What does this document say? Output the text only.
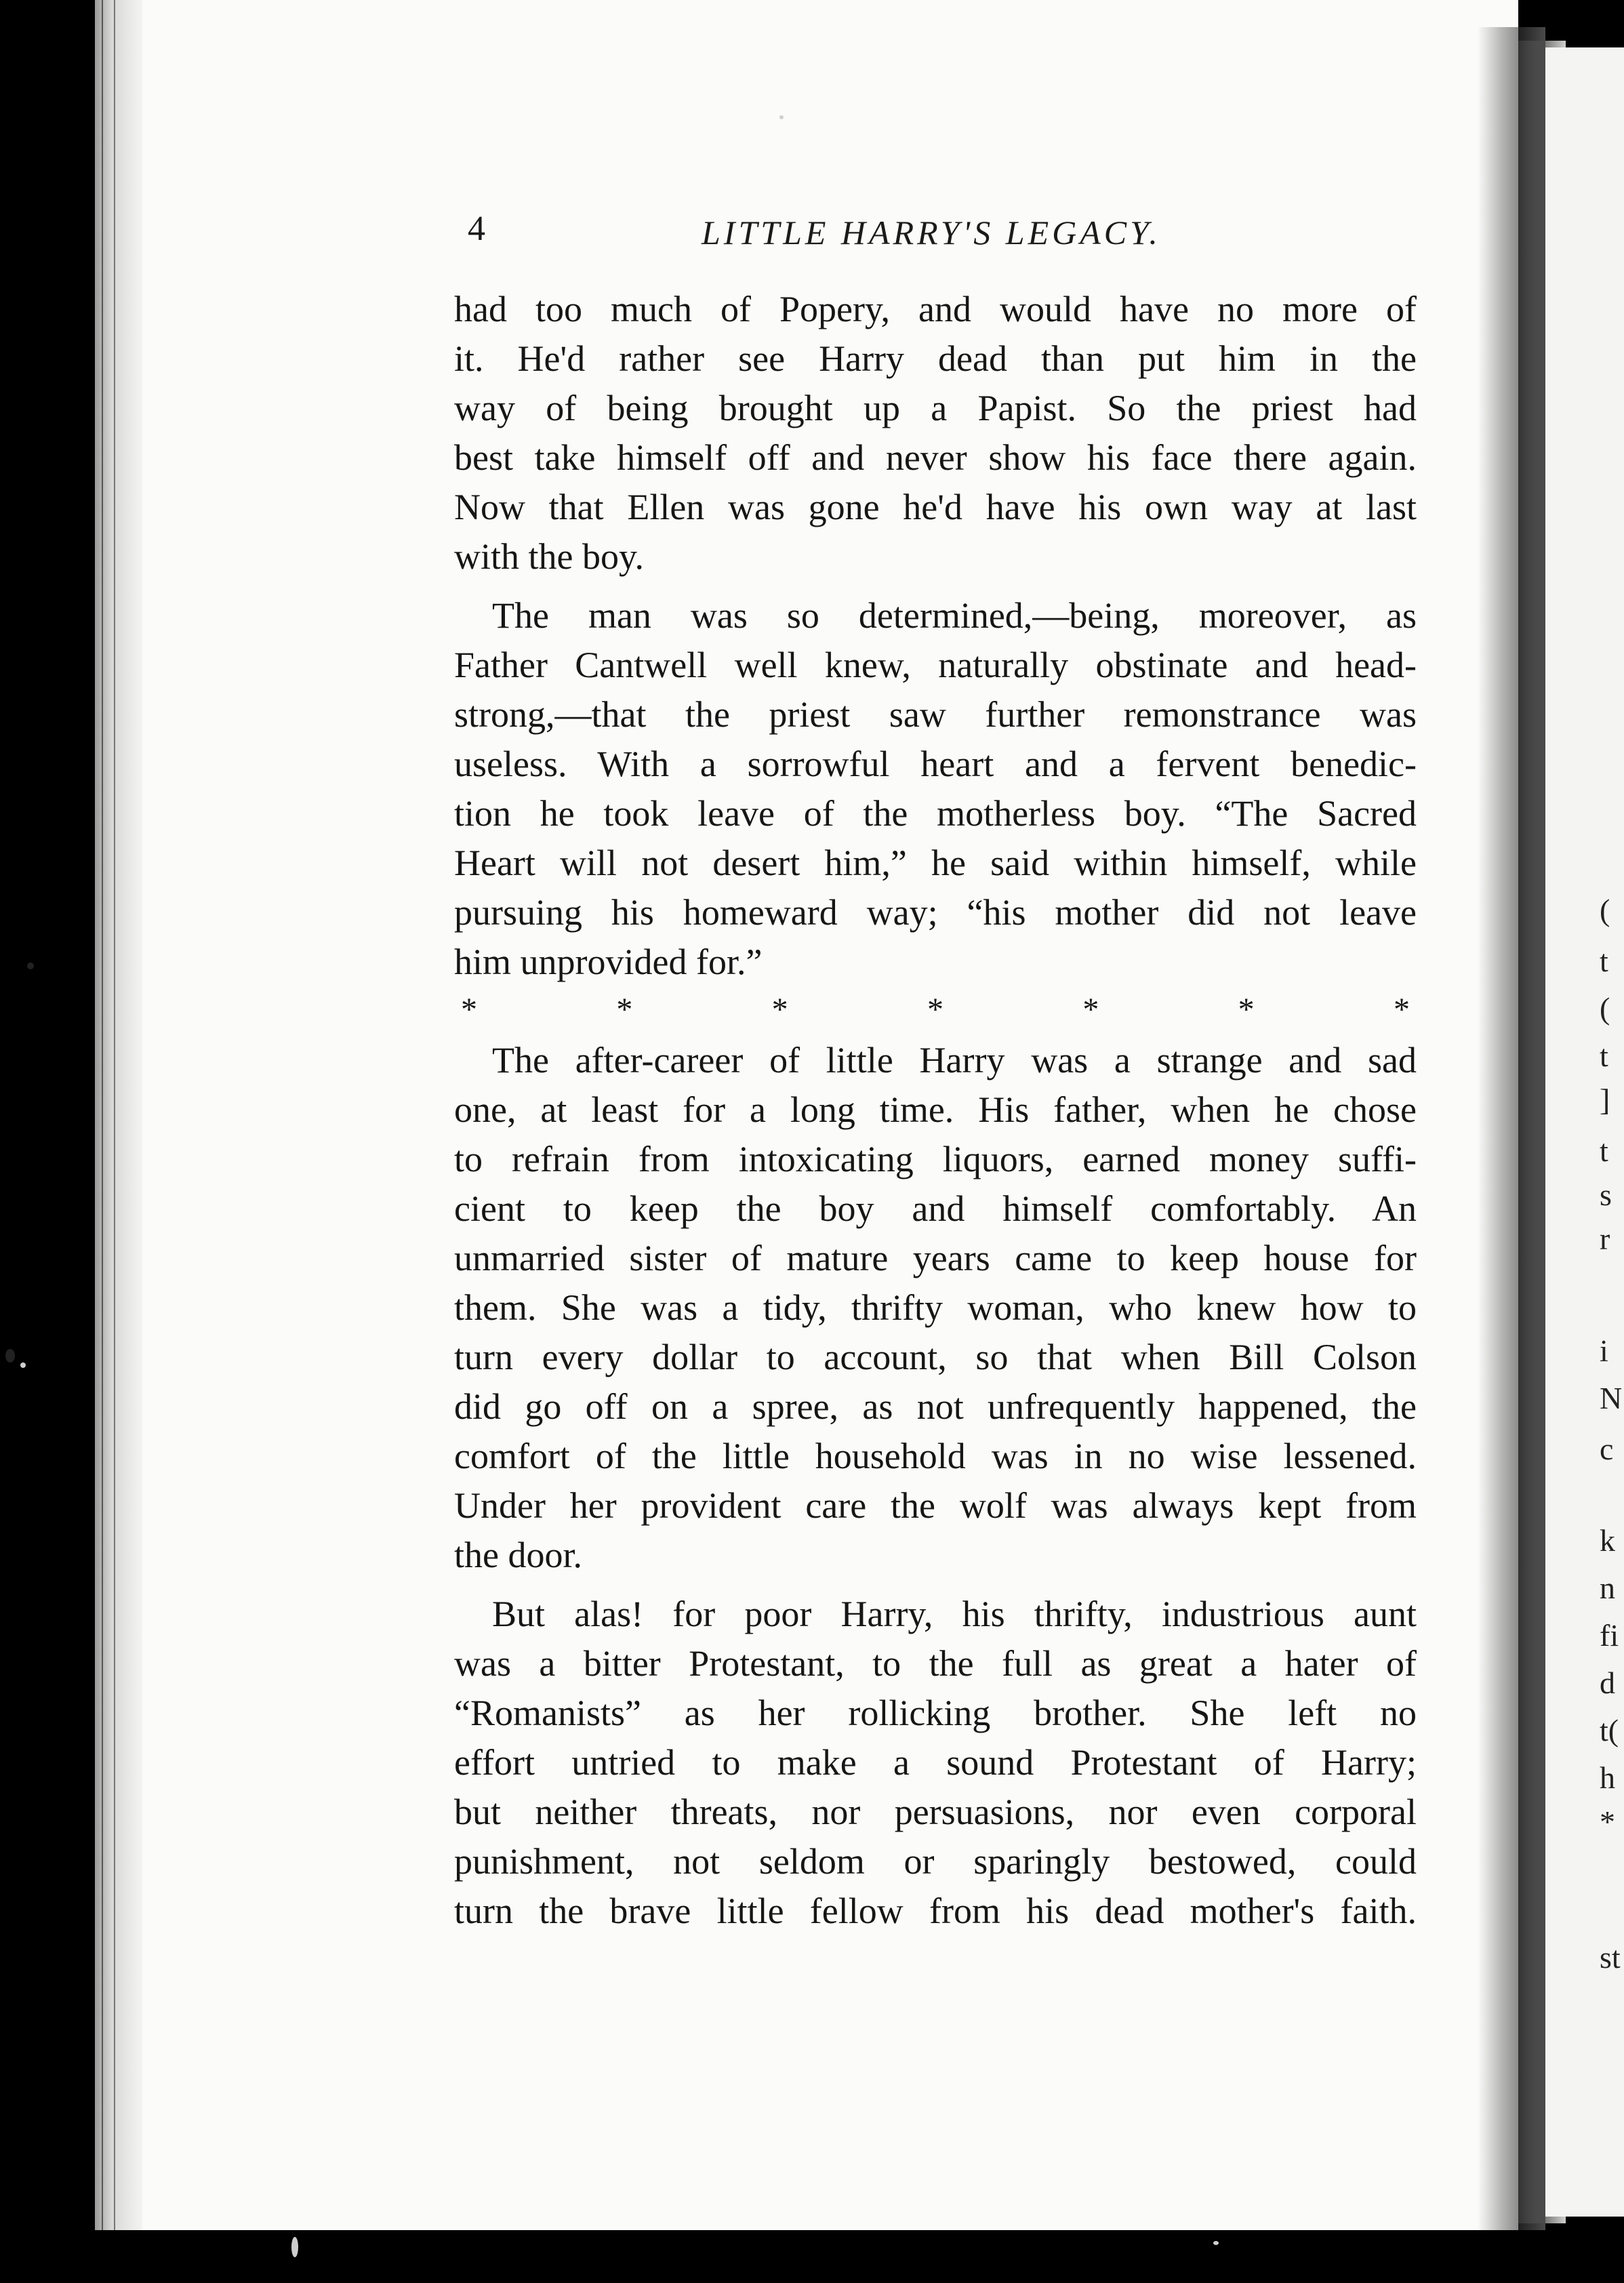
(
t
(
t
]
t
s
r
i
N
c
k
n
fi
d
t(
h
*
st
4	LITTLE HARRY'S LEGACY.

had too much of Popery, and would have no more of
it. He'd rather see Harry dead than put him in the
way of being brought up a Papist. So the priest had
best take himself off and never show his face there again.
Now that Ellen was gone he'd have his own way at last
with the boy.

The man was so determined,—being, moreover, as
Father Cantwell well knew, naturally obstinate and head-
strong,—that the priest saw further remonstrance was
useless. With a sorrowful heart and a fervent benedic-
tion he took leave of the motherless boy. “The Sacred
Heart will not desert him,” he said within himself, while
pursuing his homeward way; “his mother did not leave
him unprovided for.”

*	*	*	*	*	*	*

The after-career of little Harry was a strange and sad
one, at least for a long time. His father, when he chose
to refrain from intoxicating liquors, earned money suffi-
cient to keep the boy and himself comfortably. An
unmarried sister of mature years came to keep house for
them. She was a tidy, thrifty woman, who knew how to
turn every dollar to account, so that when Bill Colson
did go off on a spree, as not unfrequently happened, the
comfort of the little household was in no wise lessened.
Under her provident care the wolf was always kept from
the door.

But alas! for poor Harry, his thrifty, industrious aunt
was a bitter Protestant, to the full as great a hater of
“Romanists” as her rollicking brother. She left no
effort untried to make a sound Protestant of Harry;
but neither threats, nor persuasions, nor even corporal
punishment, not seldom or sparingly bestowed, could
turn the brave little fellow from his dead mother's faith.
